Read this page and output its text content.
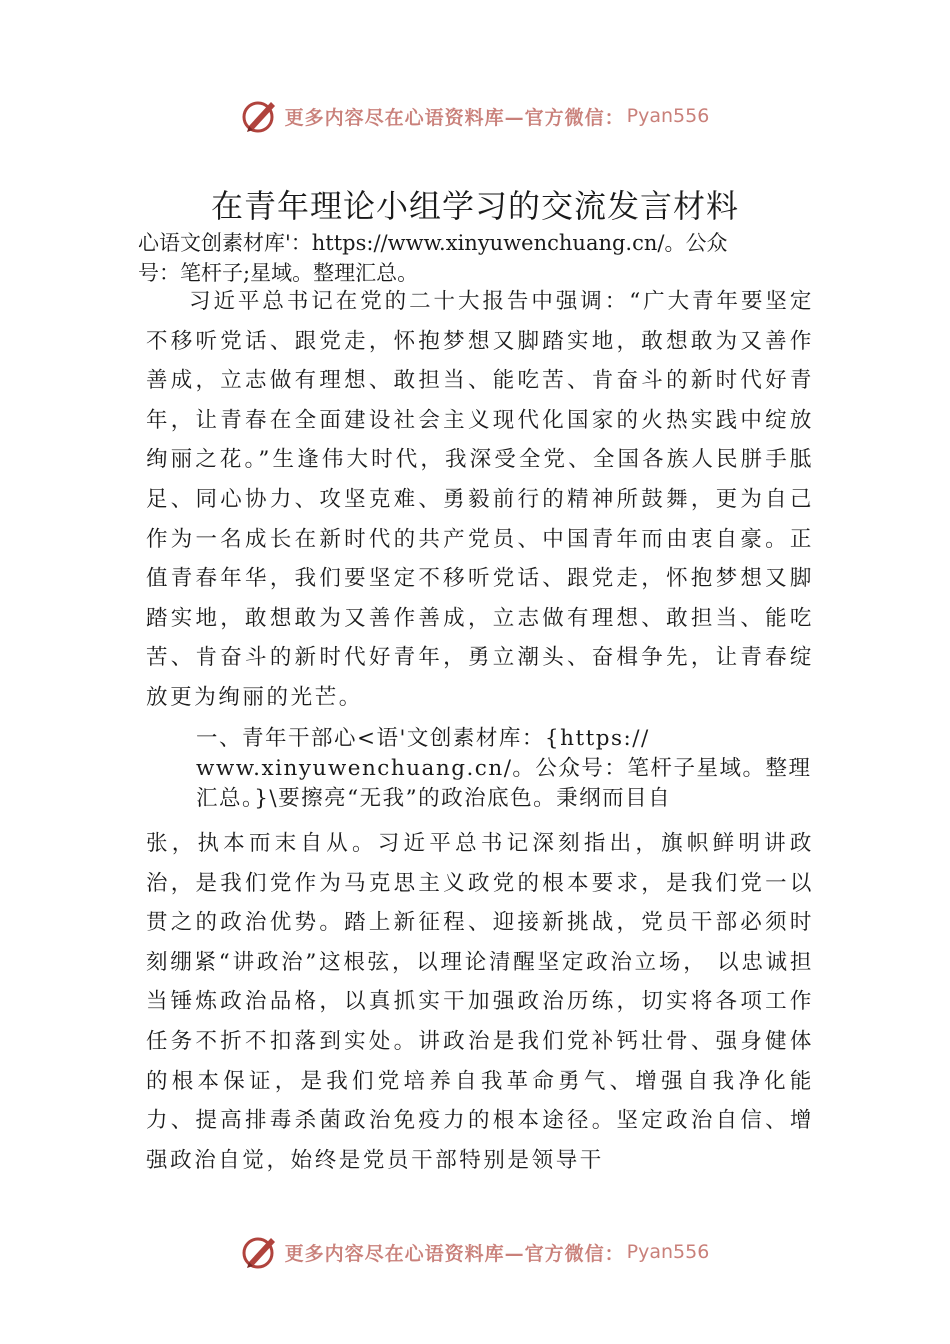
更多内容尽在心语资料库—官方微信： Pyan556
在青年理论小组学习的交流发言材料

心语文创素材库'：https://www.xinyuwenchuang.cn/。公众

号：笔杆子;星域。整理汇总。

习近平总书记在党的二十大报告中强调：“广大青年要坚定不移听党话、跟党走，怀抱梦想又脚踏实地，敢想敢为又善作善成，立志做有理想、敢担当、能吃苦、肯奋斗的新时代好青年，让青春在全面建设社会主义现代化国家的火热实践中绽放绚丽之花。”生逢伟大时代，我深受全党、全国各族人民胼手胝足、同心协力、攻坚克难、勇毅前行的精神所鼓舞，更为自己作为一名成长在新时代的共产党员、中国青年而由衷自豪。正值青春年华，我们要坚定不移听党话、跟党走，怀抱梦想又脚踏实地，敢想敢为又善作善成，立志做有理想、敢担当、能吃苦、肯奋斗的新时代好青年，勇立潮头、奋楫争先，让青春绽放更为绚丽的光芒。

一、青年干部心<语'文创素材库：{https://

www.xinyuwenchuang.cn/。公众号：笔杆子星域。整理

汇总。}\要擦亮“无我”的政治底色。秉纲而目自

张，执本而末自从。习近平总书记深刻指出，旗帜鲜明讲政治，是我们党作为马克思主义政党的根本要求，是我们党一以贯之的政治优势。踏上新征程、迎接新挑战，党员干部必须时刻绷紧“讲政治”这根弦，以理论清醒坚定政治立场， 以忠诚担当锤炼政治品格，以真抓实干加强政治历练，切实将各项工作任务不折不扣落到实处。讲政治是我们党补钙壮骨、强身健体的根本保证，是我们党培养自我革命勇气、增强自我净化能力、提高排毒杀菌政治免疫力的根本途径。坚定政治自信、增强政治自觉，始终是党员干部特别是领导干

更多内容尽在心语资料库—官方微信： Pyan556
